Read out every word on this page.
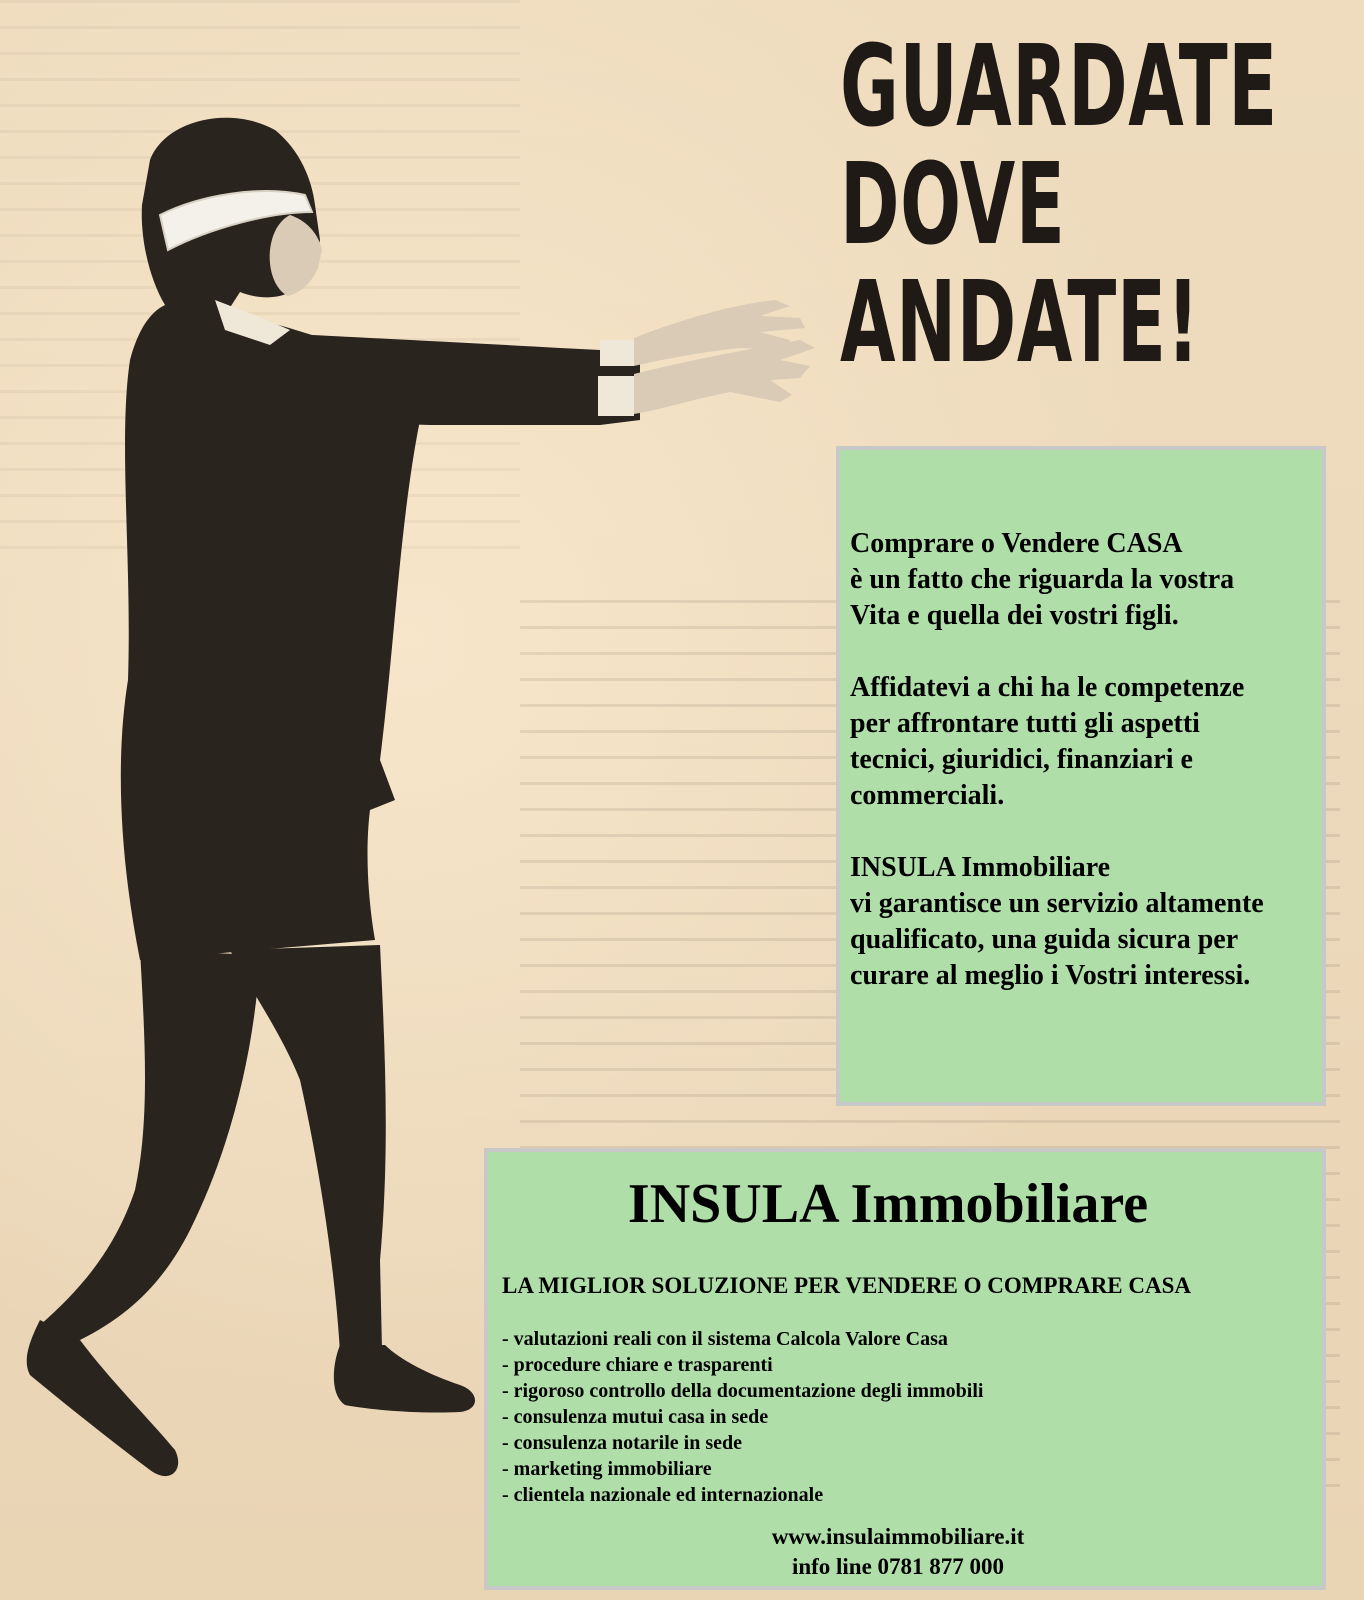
GUARDATE
DOVE
ANDATE!

Comprare o Vendere CASA
è un fatto che riguarda la vostra
Vita e quella dei vostri figli.

Affidatevi a chi ha le competenze
per affrontare tutti gli aspetti
tecnici, giuridici, finanziari e
commerciali.

INSULA Immobiliare
vi garantisce un servizio altamente
qualificato, una guida sicura per
curare al meglio i Vostri interessi.

INSULA Immobiliare
LA MIGLIOR SOLUZIONE PER VENDERE O COMPRARE CASA
- valutazioni reali con il sistema Calcola Valore Casa
- procedure chiare e trasparenti
- rigoroso controllo della documentazione degli immobili
- consulenza mutui casa in sede
- consulenza notarile in sede
- marketing immobiliare
- clientela nazionale ed internazionale
www.insulaimmobiliare.it
info line 0781 877 000
